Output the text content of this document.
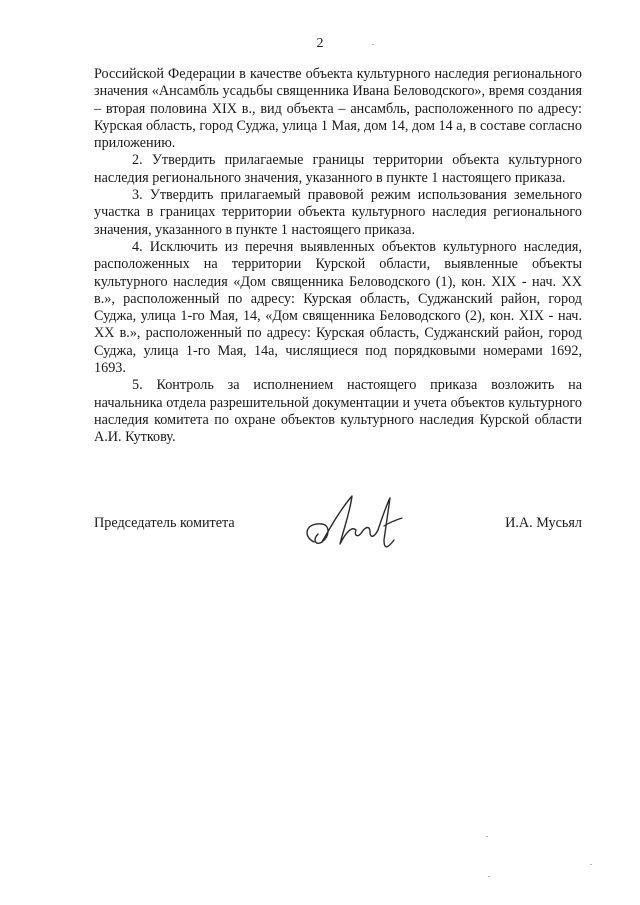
2

Российской Федерации в качестве объекта культурного наследия регионального значения «Ансамбль усадьбы священника Ивана Беловодского», время создания – вторая половина XIX в., вид объекта – ансамбль, расположенного по адресу: Курская область, город Суджа, улица 1 Мая, дом 14, дом 14 а, в составе согласно приложению.

2. Утвердить прилагаемые границы территории объекта культурного наследия регионального значения, указанного в пункте 1 настоящего приказа.

3. Утвердить прилагаемый правовой режим использования земельного участка в границах территории объекта культурного наследия регионального значения, указанного в пункте 1 настоящего приказа.

4. Исключить из перечня выявленных объектов культурного наследия, расположенных на территории Курской области, выявленные объекты культурного наследия «Дом священника Беловодского (1), кон. XIX - нач. XX в.», расположенный по адресу: Курская область, Суджанский район, город Суджа, улица 1-го Мая, 14, «Дом священника Беловодского (2), кон. XIX - нач. XX в.», расположенный по адресу: Курская область, Суджанский район, город Суджа, улица 1-го Мая, 14а, числящиеся под порядковыми номерами 1692, 1693.

5. Контроль за исполнением настоящего приказа возложить на начальника отдела разрешительной документации и учета объектов культурного наследия комитета по охране объектов культурного наследия Курской области А.И. Куткову.

Председатель комитета	И.А. Мусьял
